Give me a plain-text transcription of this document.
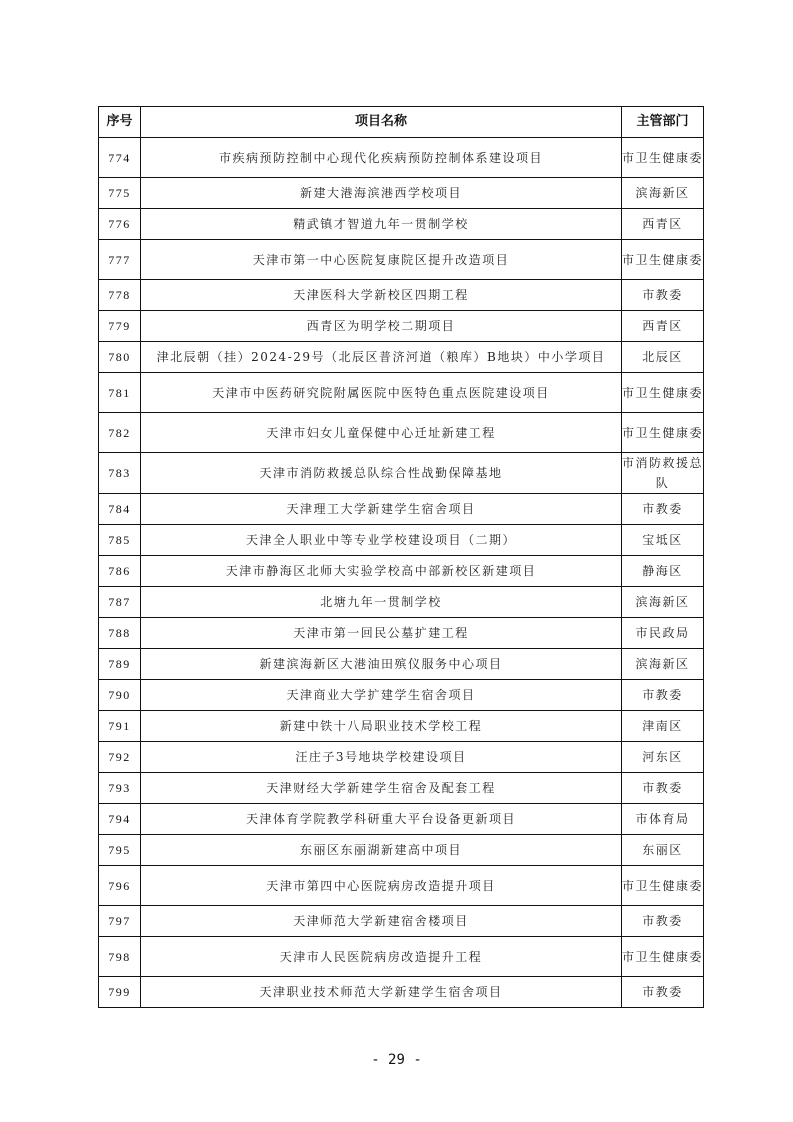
序号	项目名称	主管部门
774	市疾病预防控制中心现代化疾病预防控制体系建设项目	市卫生健康委
775	新建大港海滨港西学校项目	滨海新区
776	精武镇才智道九年一贯制学校	西青区
777	天津市第一中心医院复康院区提升改造项目	市卫生健康委
778	天津医科大学新校区四期工程	市教委
779	西青区为明学校二期项目	西青区
780	津北辰朝（挂）2024-29号（北辰区普济河道（粮库）B地块）中小学项目	北辰区
781	天津市中医药研究院附属医院中医特色重点医院建设项目	市卫生健康委
782	天津市妇女儿童保健中心迁址新建工程	市卫生健康委
783	天津市消防救援总队综合性战勤保障基地	市消防救援总队
784	天津理工大学新建学生宿舍项目	市教委
785	天津全人职业中等专业学校建设项目（二期）	宝坻区
786	天津市静海区北师大实验学校高中部新校区新建项目	静海区
787	北塘九年一贯制学校	滨海新区
788	天津市第一回民公墓扩建工程	市民政局
789	新建滨海新区大港油田殡仪服务中心项目	滨海新区
790	天津商业大学扩建学生宿舍项目	市教委
791	新建中铁十八局职业技术学校工程	津南区
792	汪庄子3号地块学校建设项目	河东区
793	天津财经大学新建学生宿舍及配套工程	市教委
794	天津体育学院教学科研重大平台设备更新项目	市体育局
795	东丽区东丽湖新建高中项目	东丽区
796	天津市第四中心医院病房改造提升项目	市卫生健康委
797	天津师范大学新建宿舍楼项目	市教委
798	天津市人民医院病房改造提升工程	市卫生健康委
799	天津职业技术师范大学新建学生宿舍项目	市教委
- 29 -
